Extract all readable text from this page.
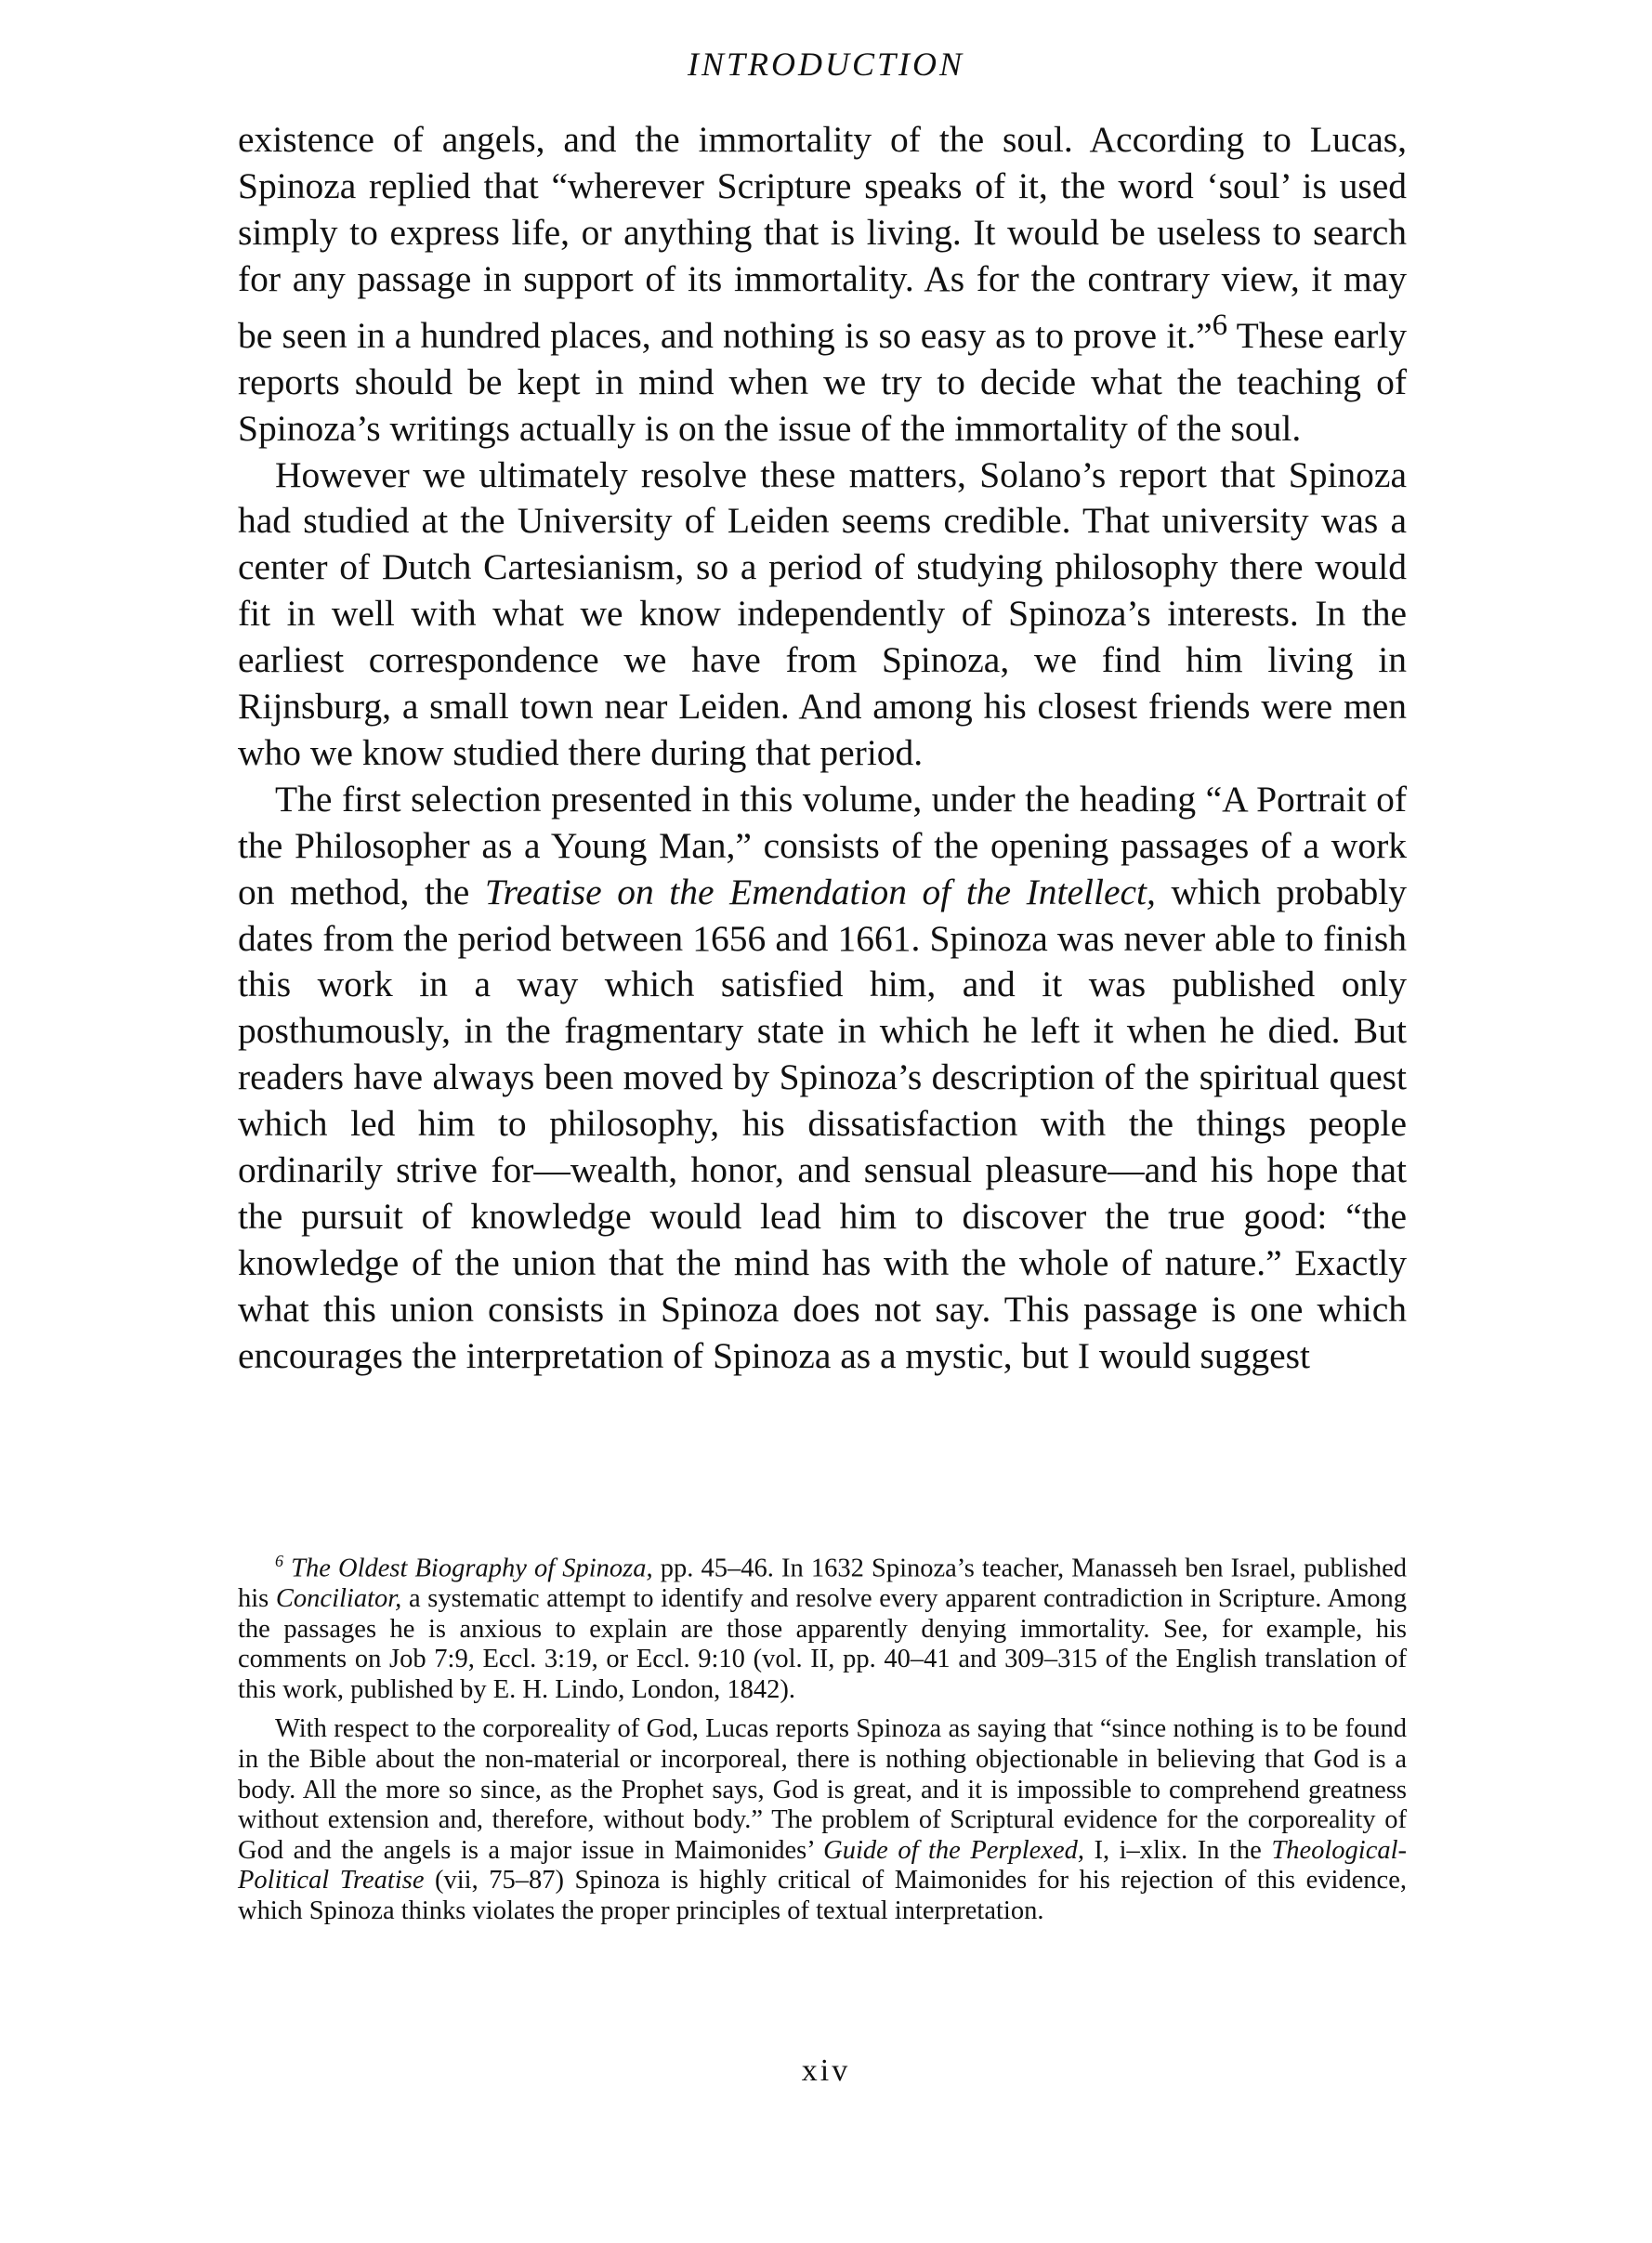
INTRODUCTION

existence of angels, and the immortality of the soul. According to Lucas, Spinoza replied that “wherever Scripture speaks of it, the word ‘soul’ is used simply to express life, or anything that is living. It would be useless to search for any passage in support of its immortality. As for the contrary view, it may be seen in a hundred places, and nothing is so easy as to prove it.”$^6$ These early reports should be kept in mind when we try to decide what the teaching of Spinoza’s writings actually is on the issue of the immortality of the soul.

However we ultimately resolve these matters, Solano’s report that Spinoza had studied at the University of Leiden seems credible. That university was a center of Dutch Cartesianism, so a period of studying philosophy there would fit in well with what we know independently of Spinoza’s interests. In the earliest correspondence we have from Spinoza, we find him living in Rijnsburg, a small town near Leiden. And among his closest friends were men who we know studied there during that period.

The first selection presented in this volume, under the heading “A Portrait of the Philosopher as a Young Man,” consists of the opening passages of a work on method, the Treatise on the Emendation of the Intellect, which probably dates from the period between 1656 and 1661. Spinoza was never able to finish this work in a way which satisfied him, and it was published only posthumously, in the fragmentary state in which he left it when he died. But readers have always been moved by Spinoza’s description of the spiritual quest which led him to philosophy, his dissatisfaction with the things people ordinarily strive for—wealth, honor, and sensual pleasure—and his hope that the pursuit of knowledge would lead him to discover the true good: “the knowledge of the union that the mind has with the whole of nature.” Exactly what this union consists in Spinoza does not say. This passage is one which encourages the interpretation of Spinoza as a mystic, but I would suggest

$^6$ The Oldest Biography of Spinoza, pp. 45–46. In 1632 Spinoza’s teacher, Manasseh ben Israel, published his Conciliator, a systematic attempt to identify and resolve every apparent contradiction in Scripture. Among the passages he is anxious to explain are those apparently denying immortality. See, for example, his comments on Job 7:9, Eccl. 3:19, or Eccl. 9:10 (vol. II, pp. 40–41 and 309–315 of the English translation of this work, published by E. H. Lindo, London, 1842).

With respect to the corporeality of God, Lucas reports Spinoza as saying that “since nothing is to be found in the Bible about the non-material or incorporeal, there is nothing objectionable in believing that God is a body. All the more so since, as the Prophet says, God is great, and it is impossible to comprehend greatness without extension and, therefore, without body.” The problem of Scriptural evidence for the corporeality of God and the angels is a major issue in Maimonides’ Guide of the Perplexed, I, i–xlix. In the Theological-Political Treatise (vii, 75–87) Spinoza is highly critical of Maimonides for his rejection of this evidence, which Spinoza thinks violates the proper principles of textual interpretation.

xiv
